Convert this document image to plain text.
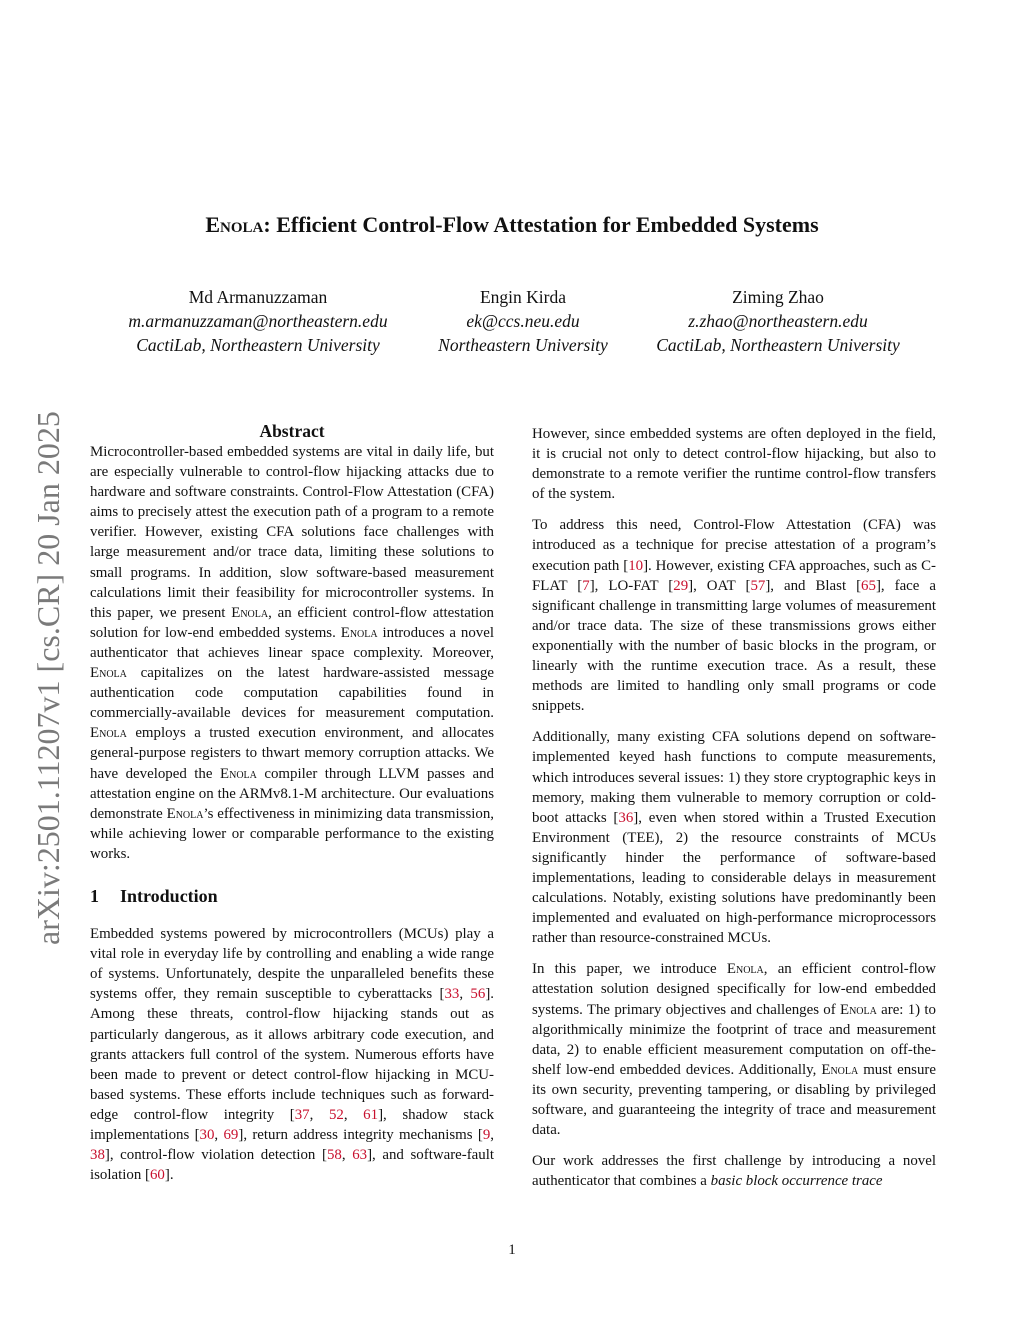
arXiv:2501.11207v1 [cs.CR] 20 Jan 2025
Enola: Efficient Control-Flow Attestation for Embedded Systems
Md Armanuzzaman
m.armanuzzaman@northeastern.edu
CactiLab, Northeastern University
Engin Kirda
ek@ccs.neu.edu
Northeastern University
Ziming Zhao
z.zhao@northeastern.edu
CactiLab, Northeastern University
Abstract

Microcontroller-based embedded systems are vital in daily life, but are especially vulnerable to control-flow hijacking attacks due to hardware and software constraints. Control-Flow Attestation (CFA) aims to precisely attest the execution path of a program to a remote verifier. However, existing CFA solutions face challenges with large measurement and/or trace data, limiting these solutions to small programs. In addition, slow software-based measurement calculations limit their feasibility for microcontroller systems. In this paper, we present Enola, an efficient control-flow attestation solution for low-end embedded systems. Enola introduces a novel authenticator that achieves linear space complexity. Moreover, Enola capitalizes on the latest hardware-assisted message authentication code computation capabilities found in commercially-available devices for measurement computation. Enola employs a trusted execution environment, and allocates general-purpose registers to thwart memory corruption attacks. We have developed the Enola compiler through LLVM passes and attestation engine on the ARMv8.1-M architecture. Our evaluations demonstrate Enola’s effectiveness in minimizing data transmission, while achieving lower or comparable performance to the existing works.

1 Introduction

Embedded systems powered by microcontrollers (MCUs) play a vital role in everyday life by controlling and enabling a wide range of systems. Unfortunately, despite the unparalleled benefits these systems offer, they remain susceptible to cyberattacks [33, 56]. Among these threats, control-flow hijacking stands out as particularly dangerous, as it allows arbitrary code execution, and grants attackers full control of the system. Numerous efforts have been made to prevent or detect control-flow hijacking in MCU-based systems. These efforts include techniques such as forward-edge control-flow integrity [37, 52, 61], shadow stack implementations [30, 69], return address integrity mechanisms [9, 38], control-flow violation detection [58, 63], and software-fault isolation [60].

However, since embedded systems are often deployed in the field, it is crucial not only to detect control-flow hijacking, but also to demonstrate to a remote verifier the runtime control-flow transfers of the system.

To address this need, Control-Flow Attestation (CFA) was introduced as a technique for precise attestation of a program’s execution path [10]. However, existing CFA approaches, such as C-FLAT [7], LO-FAT [29], OAT [57], and Blast [65], face a significant challenge in transmitting large volumes of measurement and/or trace data. The size of these transmissions grows either exponentially with the number of basic blocks in the program, or linearly with the runtime execution trace. As a result, these methods are limited to handling only small programs or code snippets.

Additionally, many existing CFA solutions depend on software-implemented keyed hash functions to compute measurements, which introduces several issues: 1) they store cryptographic keys in memory, making them vulnerable to memory corruption or cold-boot attacks [36], even when stored within a Trusted Execution Environment (TEE), 2) the resource constraints of MCUs significantly hinder the performance of software-based implementations, leading to considerable delays in measurement calculations. Notably, existing solutions have predominantly been implemented and evaluated on high-performance microprocessors rather than resource-constrained MCUs.

In this paper, we introduce Enola, an efficient control-flow attestation solution designed specifically for low-end embedded systems. The primary objectives and challenges of Enola are: 1) to algorithmically minimize the footprint of trace and measurement data, 2) to enable efficient measurement computation on off-the-shelf low-end embedded devices. Additionally, Enola must ensure its own security, preventing tampering, or disabling by privileged software, and guaranteeing the integrity of trace and measurement data.

Our work addresses the first challenge by introducing a novel authenticator that combines a basic block occurrence trace

1
